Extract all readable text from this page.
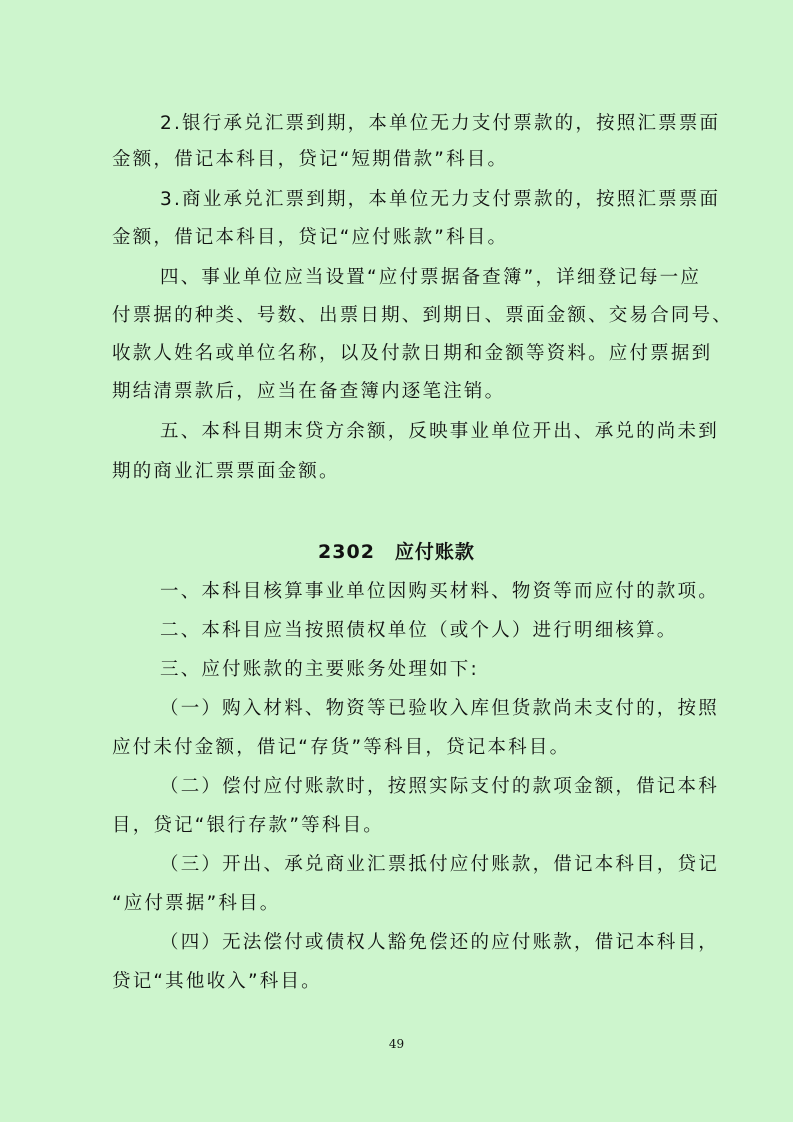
2.银行承兑汇票到期，本单位无力支付票款的，按照汇票票面
金额，借记本科目，贷记“短期借款”科目。
3.商业承兑汇票到期，本单位无力支付票款的，按照汇票票面
金额，借记本科目，贷记“应付账款”科目。
四、事业单位应当设置“应付票据备查簿”，详细登记每一应
付票据的种类、号数、出票日期、到期日、票面金额、交易合同号、
收款人姓名或单位名称，以及付款日期和金额等资料。应付票据到
期结清票款后，应当在备查簿内逐笔注销。
五、本科目期末贷方余额，反映事业单位开出、承兑的尚未到
期的商业汇票票面金额。
2302　应付账款
一、本科目核算事业单位因购买材料、物资等而应付的款项。
二、本科目应当按照债权单位（或个人）进行明细核算。
三、应付账款的主要账务处理如下:
（一）购入材料、物资等已验收入库但货款尚未支付的，按照
应付未付金额，借记“存货”等科目，贷记本科目。
（二）偿付应付账款时，按照实际支付的款项金额，借记本科
目，贷记“银行存款”等科目。
（三）开出、承兑商业汇票抵付应付账款，借记本科目，贷记
“应付票据”科目。
（四）无法偿付或债权人豁免偿还的应付账款，借记本科目，
贷记“其他收入”科目。
49
